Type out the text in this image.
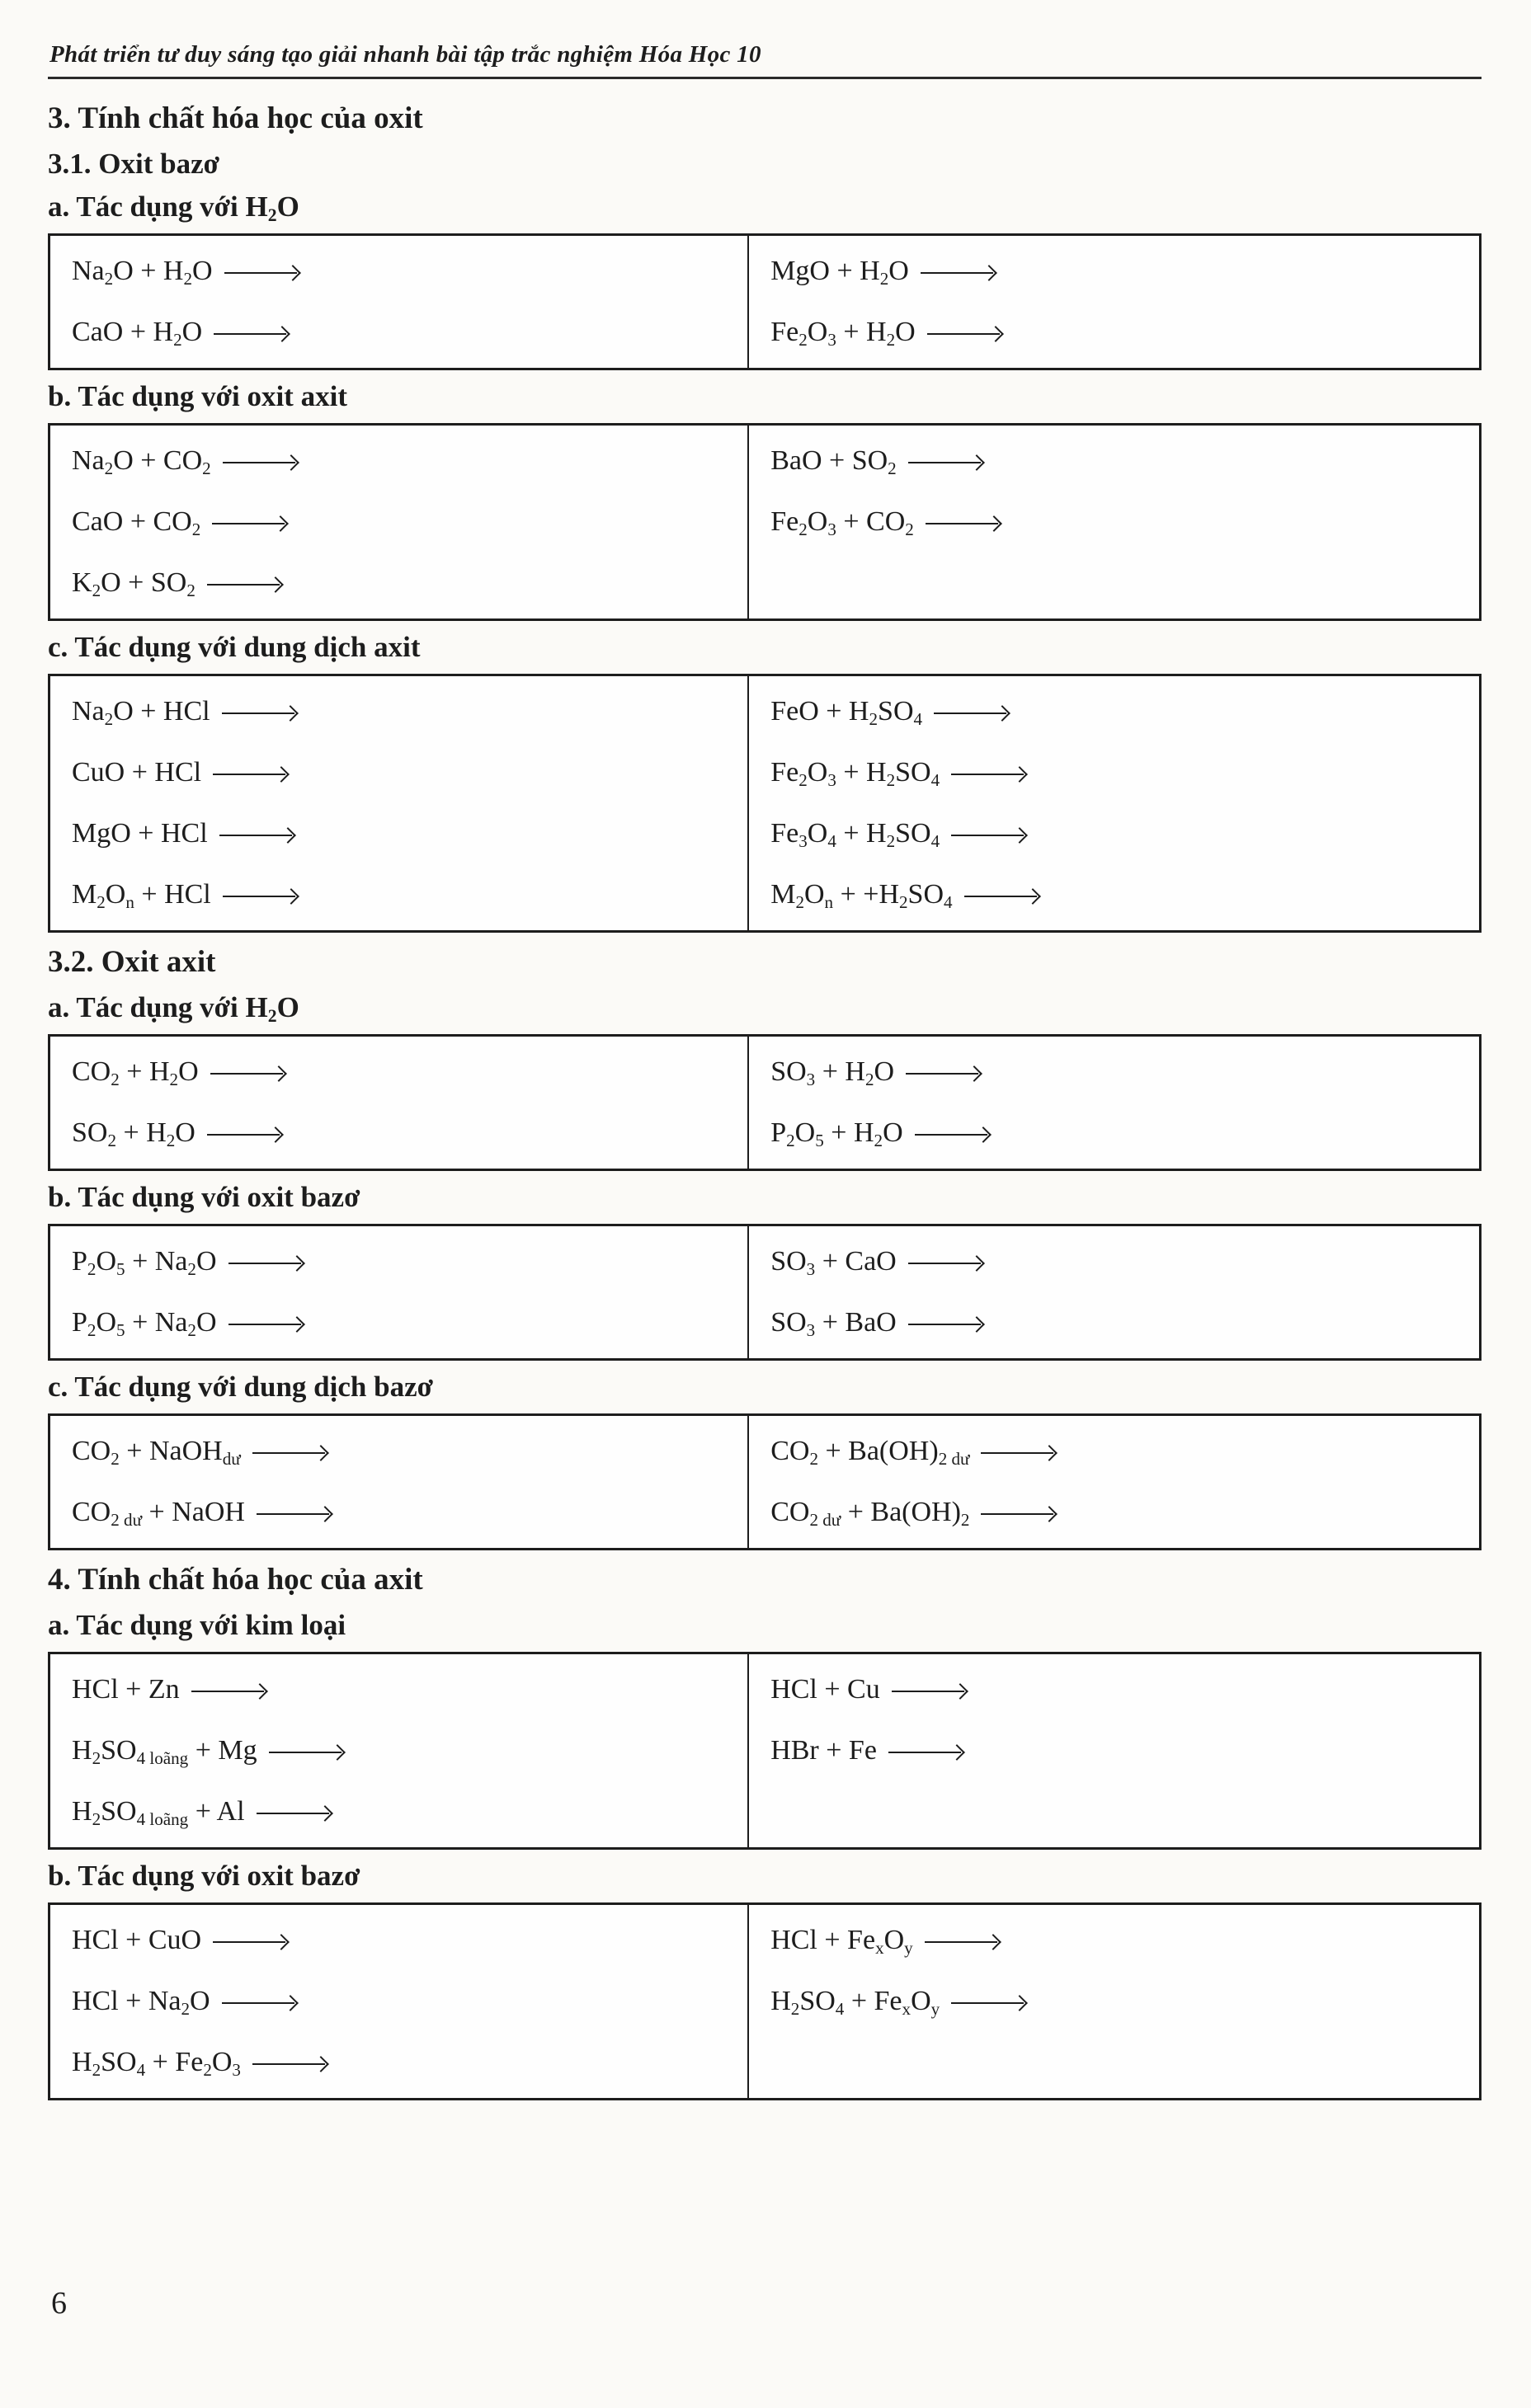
Phát triển tư duy sáng tạo giải nhanh bài tập trắc nghiệm Hóa Học 10
3. Tính chất hóa học của oxit
3.1. Oxit bazơ
a. Tác dụng với $H_2O$
$Na_2O + H_2O$
CaO + $H_2O$
MgO + $H_2O$
$Fe_2O_3 + H_2O$
b. Tác dụng với oxit axit
$Na_2O + CO_2$
CaO + $CO_2$
$K_2O + SO_2$
BaO + $SO_2$
$Fe_2O_3 + CO_2$
c. Tác dụng với dung dịch axit
$Na_2O$ + HCl
CuO + HCl
MgO + HCl
$M_2O_n$ + HCl
FeO + $H_2SO_4$
$Fe_2O_3 + H_2SO_4$
$Fe_3O_4 + H_2SO_4$
$M_2O_n + +H_2SO_4$
3.2. Oxit axit
a. Tác dụng với $H_2O$
$CO_2 + H_2O$
$SO_2 + H_2O$
$SO_3 + H_2O$
$P_2O_5 + H_2O$
b. Tác dụng với oxit bazơ
$P_2O_5 + Na_2O$
$P_2O_5 + Na_2O$
$SO_3$ + CaO
$SO_3$ + BaO
c. Tác dụng với dung dịch bazơ
$CO_2$ + NaOH$_{dư}$
$CO_{2 dư}$ + NaOH
$CO_2 + Ba(OH)_{2 dư}$
$CO_{2 dư} + Ba(OH)_2$
4. Tính chất hóa học của axit
a. Tác dụng với kim loại
HCl + Zn
$H_2SO_{4 loãng} + Mg$
$H_2SO_{4 loãng} + Al$
HCl + Cu
HBr + Fe
b. Tác dụng với oxit bazơ
HCl + CuO
HCl + $Na_2O$
$H_2SO_4 + Fe_2O_3$
HCl + $Fe_xO_y$
$H_2SO_4 + Fe_xO_y$
6
